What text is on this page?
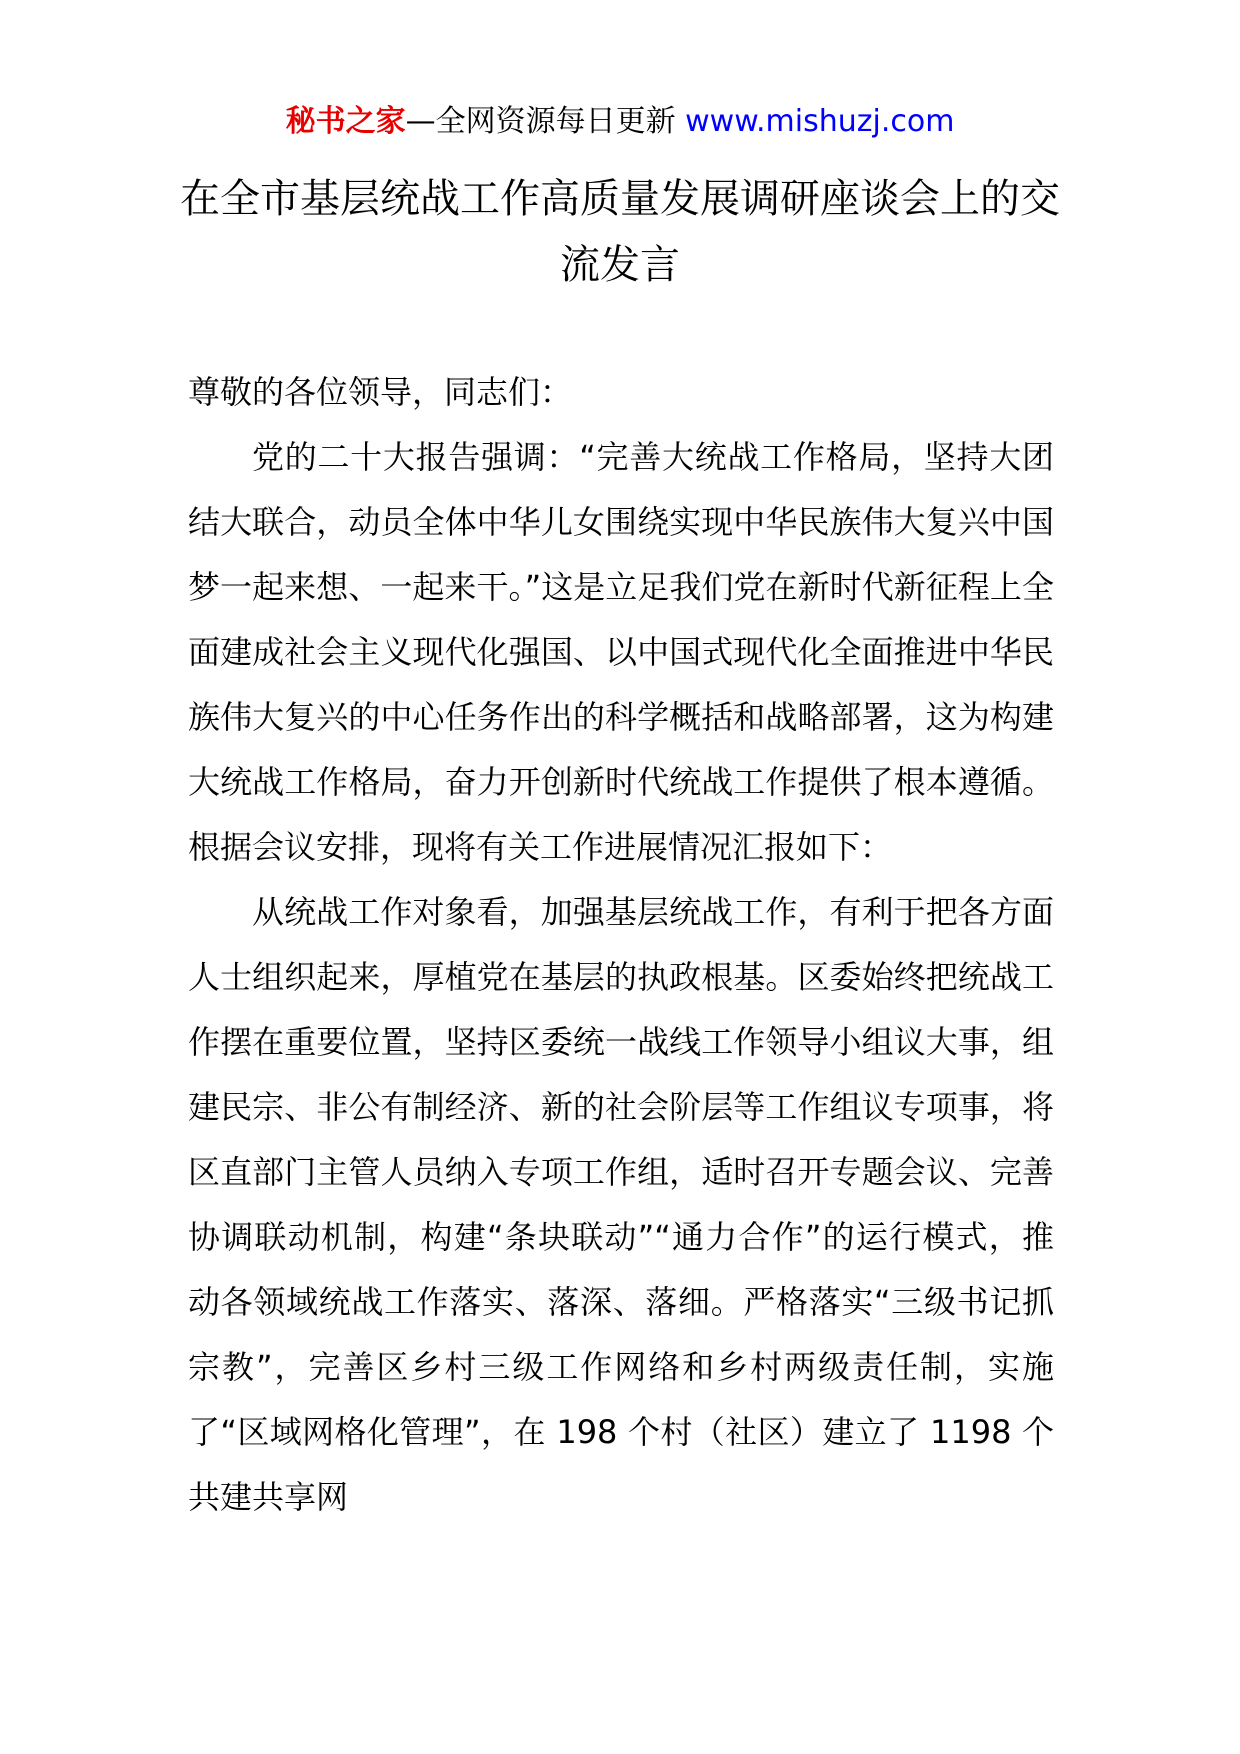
秘书之家—全网资源每日更新 www.mishuzj.com
在全市基层统战工作高质量发展调研座谈会上的交流发言

尊敬的各位领导，同志们：

党的二十大报告强调：“完善大统战工作格局，坚持大团结大联合，动员全体中华儿女围绕实现中华民族伟大复兴中国梦一起来想、一起来干。”这是立足我们党在新时代新征程上全面建成社会主义现代化强国、以中国式现代化全面推进中华民族伟大复兴的中心任务作出的科学概括和战略部署，这为构建大统战工作格局，奋力开创新时代统战工作提供了根本遵循。根据会议安排，现将有关工作进展情况汇报如下：

从统战工作对象看，加强基层统战工作，有利于把各方面人士组织起来，厚植党在基层的执政根基。区委始终把统战工作摆在重要位置，坚持区委统一战线工作领导小组议大事，组建民宗、非公有制经济、新的社会阶层等工作组议专项事，将区直部门主管人员纳入专项工作组，适时召开专题会议、完善协调联动机制，构建“条块联动”“通力合作”的运行模式，推动各领域统战工作落实、落深、落细。严格落实“三级书记抓宗教”，完善区乡村三级工作网络和乡村两级责任制，实施了“区域网格化管理”，在 198 个村（社区）建立了 1198 个共建共享网
